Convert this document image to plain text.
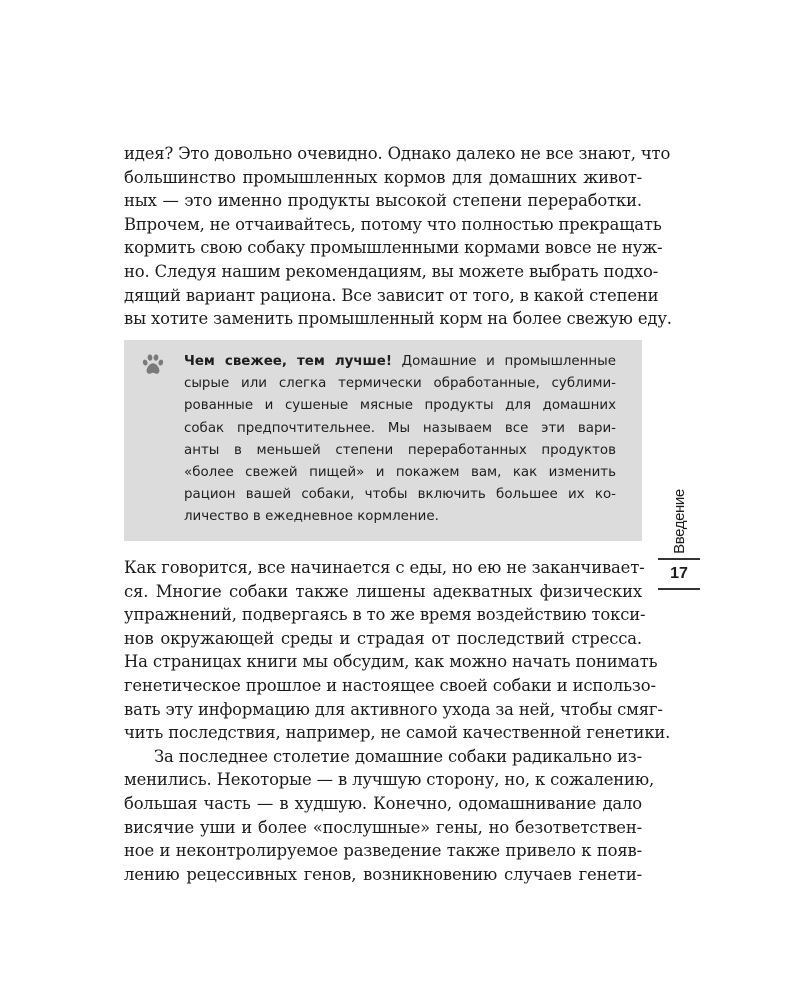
идея? Это довольно очевидно. Однако далеко не все знают, что
большинство промышленных кормов для домашних живот-
ных — это именно продукты высокой степени переработки.
Впрочем, не отчаивайтесь, потому что полностью прекращать
кормить свою собаку промышленными кормами вовсе не нуж-
но. Следуя нашим рекомендациям, вы можете выбрать подхо-
дящий вариант рациона. Все зависит от того, в какой степени
вы хотите заменить промышленный корм на более свежую еду.
Чем свежее, тем лучше! Домашние и промышленные
сырые или слегка термически обработанные, сублими-
рованные и сушеные мясные продукты для домашних
собак предпочтительнее. Мы называем все эти вари-
анты в меньшей степени переработанных продуктов
«более свежей пищей» и покажем вам, как изменить
рацион вашей собаки, чтобы включить большее их ко-
личество в ежедневное кормление.
Как говорится, все начинается с еды, но ею не заканчивает-
ся. Многие собаки также лишены адекватных физических
упражнений, подвергаясь в то же время воздействию токси-
нов окружающей среды и страдая от последствий стресса.
На страницах книги мы обсудим, как можно начать понимать
генетическое прошлое и настоящее своей собаки и использо-
вать эту информацию для активного ухода за ней, чтобы смяг-
чить последствия, например, не самой качественной генетики.
За последнее столетие домашние собаки радикально из-
менились. Некоторые — в лучшую сторону, но, к сожалению,
большая часть — в худшую. Конечно, одомашнивание дало
висячие уши и более «послушные» гены, но безответствен-
ное и неконтролируемое разведение также привело к появ-
лению рецессивных генов, возникновению случаев генети-
Введение
17
